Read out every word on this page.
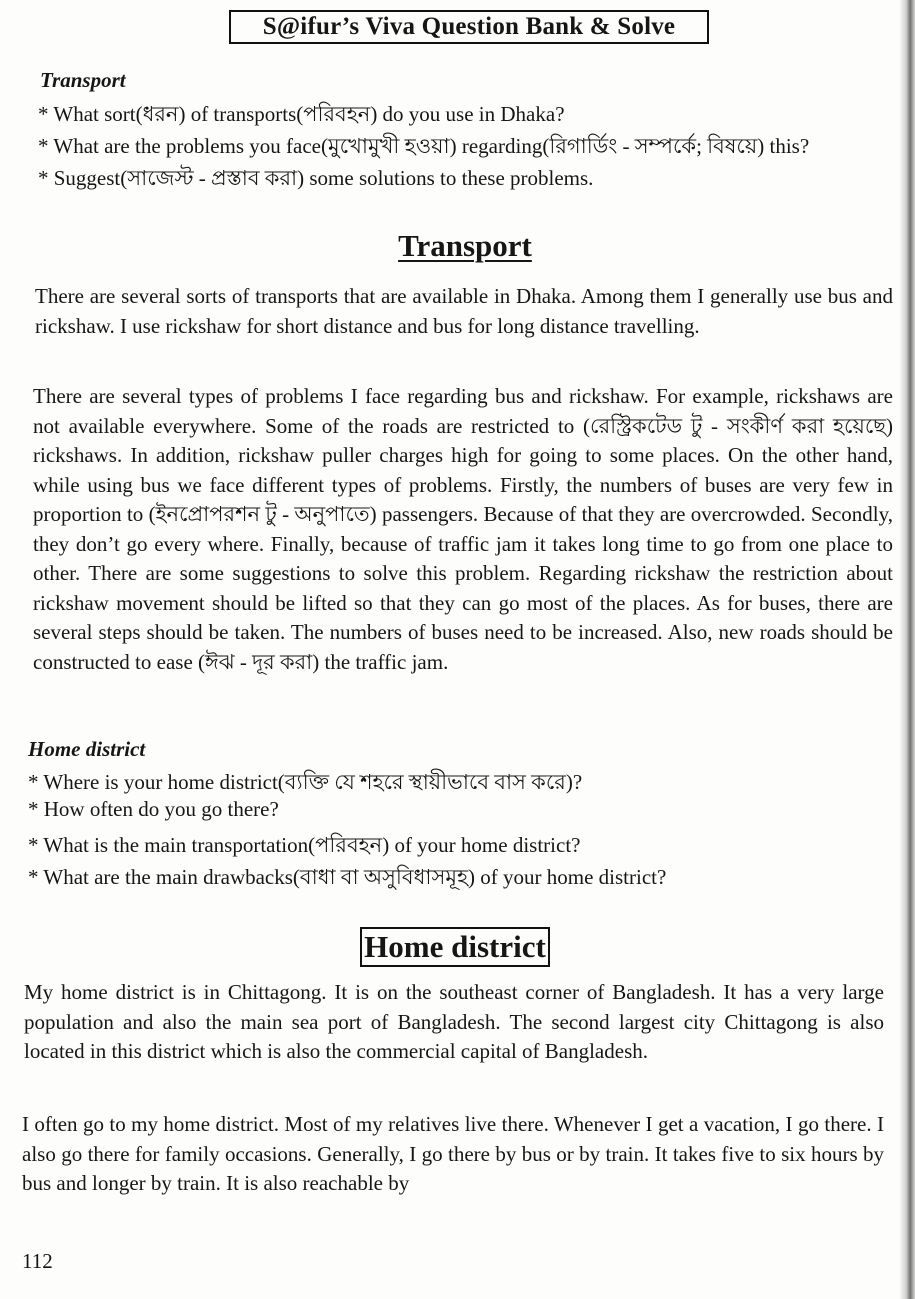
S@ifur’s Viva Question Bank & Solve
Transport
* What sort(ধরন) of transports(পরিবহন) do you use in Dhaka?
* What are the problems you face(মুখোমুখী হওয়া) regarding(রিগার্ডিং - সম্পর্কে; বিষয়ে) this?
* Suggest(সাজেস্ট - প্রস্তাব করা) some solutions to these problems.
Transport

There are several sorts of transports that are available in Dhaka. Among them I generally use bus and rickshaw. I use rickshaw for short distance and bus for long distance travelling.

There are several types of problems I face regarding bus and rickshaw. For example, rickshaws are not available everywhere. Some of the roads are restricted to (রেস্ট্রিকটেড টু - সংকীর্ণ করা হয়েছে) rickshaws. In addition, rickshaw puller charges high for going to some places. On the other hand, while using bus we face different types of problems. Firstly, the numbers of buses are very few in proportion to (ইনপ্রোপরশন টু - অনুপাতে) passengers. Because of that they are overcrowded. Secondly, they don’t go every where. Finally, because of traffic jam it takes long time to go from one place to other. There are some suggestions to solve this problem. Regarding rickshaw the restriction about rickshaw movement should be lifted so that they can go most of the places. As for buses, there are several steps should be taken. The numbers of buses need to be increased. Also, new roads should be constructed to ease (ঈঝ - দূর করা) the traffic jam.

Home district
* Where is your home district(ব্যক্তি যে শহরে স্থায়ীভাবে বাস করে)?
* How often do you go there?
* What is the main transportation(পরিবহন) of your home district?
* What are the main drawbacks(বাধা বা অসুবিধাসমূহ) of your home district?
Home district

My home district is in Chittagong. It is on the southeast corner of Bangladesh. It has a very large population and also the main sea port of Bangladesh. The second largest city Chittagong is also located in this district which is also the commercial capital of Bangladesh.

I often go to my home district. Most of my relatives live there. Whenever I get a vacation, I go there. I also go there for family occasions. Generally, I go there by bus or by train. It takes five to six hours by bus and longer by train. It is also reachable by

112
